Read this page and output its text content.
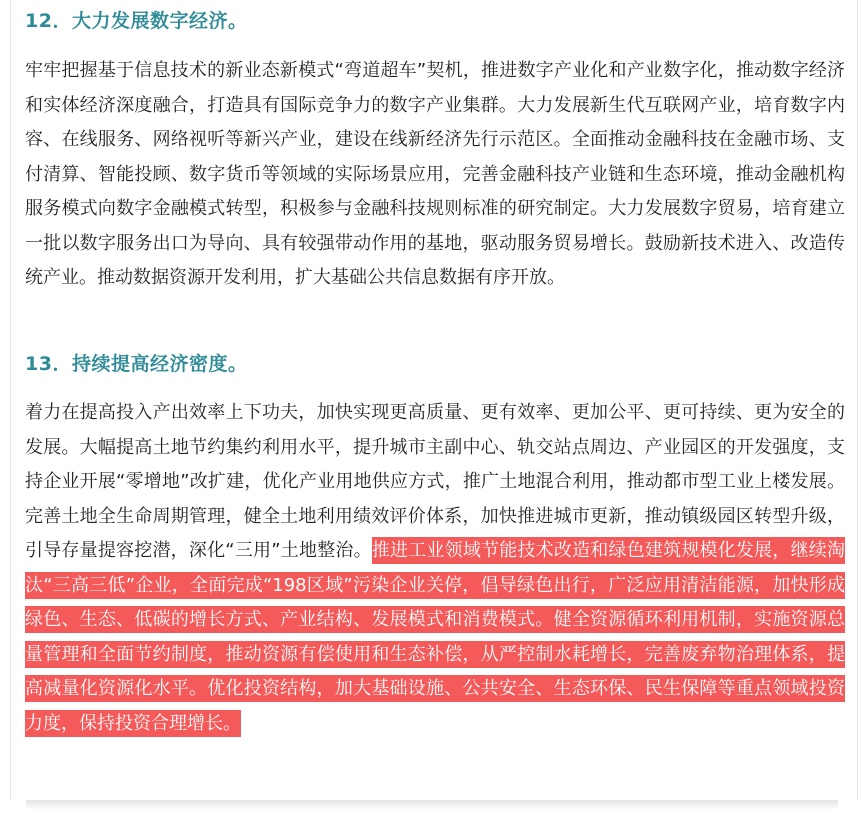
12．大力发展数字经济。

牢牢把握基于信息技术的新业态新模式“弯道超车”契机，推进数字产业化和产业数字化，推动数字经济和实体经济深度融合，打造具有国际竞争力的数字产业集群。大力发展新生代互联网产业，培育数字内容、在线服务、网络视听等新兴产业，建设在线新经济先行示范区。全面推动金融科技在金融市场、支付清算、智能投顾、数字货币等领域的实际场景应用，完善金融科技产业链和生态环境，推动金融机构服务模式向数字金融模式转型，积极参与金融科技规则标准的研究制定。大力发展数字贸易，培育建立一批以数字服务出口为导向、具有较强带动作用的基地，驱动服务贸易增长。鼓励新技术进入、改造传统产业。推动数据资源开发利用，扩大基础公共信息数据有序开放。

13．持续提高经济密度。

着力在提高投入产出效率上下功夫，加快实现更高质量、更有效率、更加公平、更可持续、更为安全的发展。大幅提高土地节约集约利用水平，提升城市主副中心、轨交站点周边、产业园区的开发强度，支持企业开展“零增地”改扩建，优化产业用地供应方式，推广土地混合利用，推动都市型工业上楼发展。完善土地全生命周期管理，健全土地利用绩效评价体系，加快推进城市更新，推动镇级园区转型升级，引导存量提容挖潜，深化“三用”土地整治。推进工业领域节能技术改造和绿色建筑规模化发展，继续淘汰“三高三低”企业，全面完成“198区域”污染企业关停，倡导绿色出行，广泛应用清洁能源，加快形成绿色、生态、低碳的增长方式、产业结构、发展模式和消费模式。健全资源循环利用机制，实施资源总量管理和全面节约制度，推动资源有偿使用和生态补偿，从严控制水耗增长，完善废弃物治理体系，提高减量化资源化水平。优化投资结构，加大基础设施、公共安全、生态环保、民生保障等重点领域投资力度，保持投资合理增长。
